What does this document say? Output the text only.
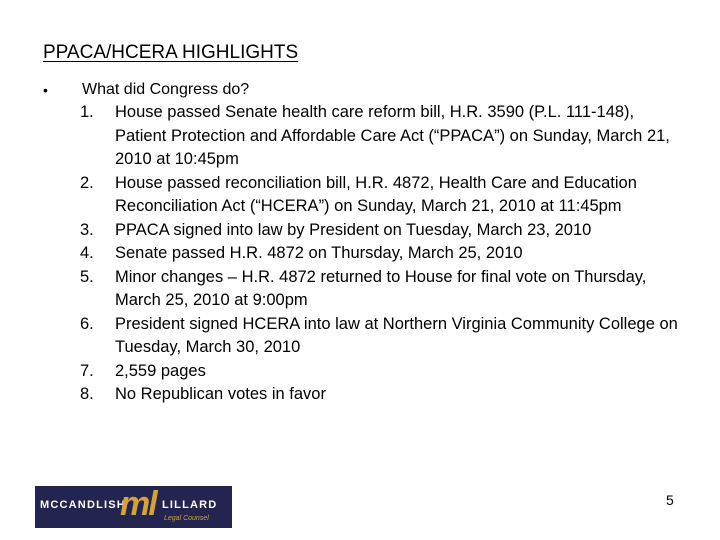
PPACA/HCERA HIGHLIGHTS
• What did Congress do?
1. House passed Senate health care reform bill, H.R. 3590 (P.L. 111-148), Patient Protection and Affordable Care Act (“PPACA”) on Sunday, March 21, 2010 at 10:45pm
2. House passed reconciliation bill, H.R. 4872, Health Care and Education Reconciliation Act (“HCERA”) on Sunday, March 21, 2010 at 11:45pm
3. PPACA signed into law by President on Tuesday, March 23, 2010
4. Senate passed H.R. 4872 on Thursday, March 25, 2010
5. Minor changes – H.R. 4872 returned to House for final vote on Thursday, March 25, 2010 at 9:00pm
6. President signed HCERA into law at Northern Virginia Community College on Tuesday, March 30, 2010
7. 2,559 pages
8. No Republican votes in favor
MCCANDLISH
ml LILLARD
Legal Counsel
5
